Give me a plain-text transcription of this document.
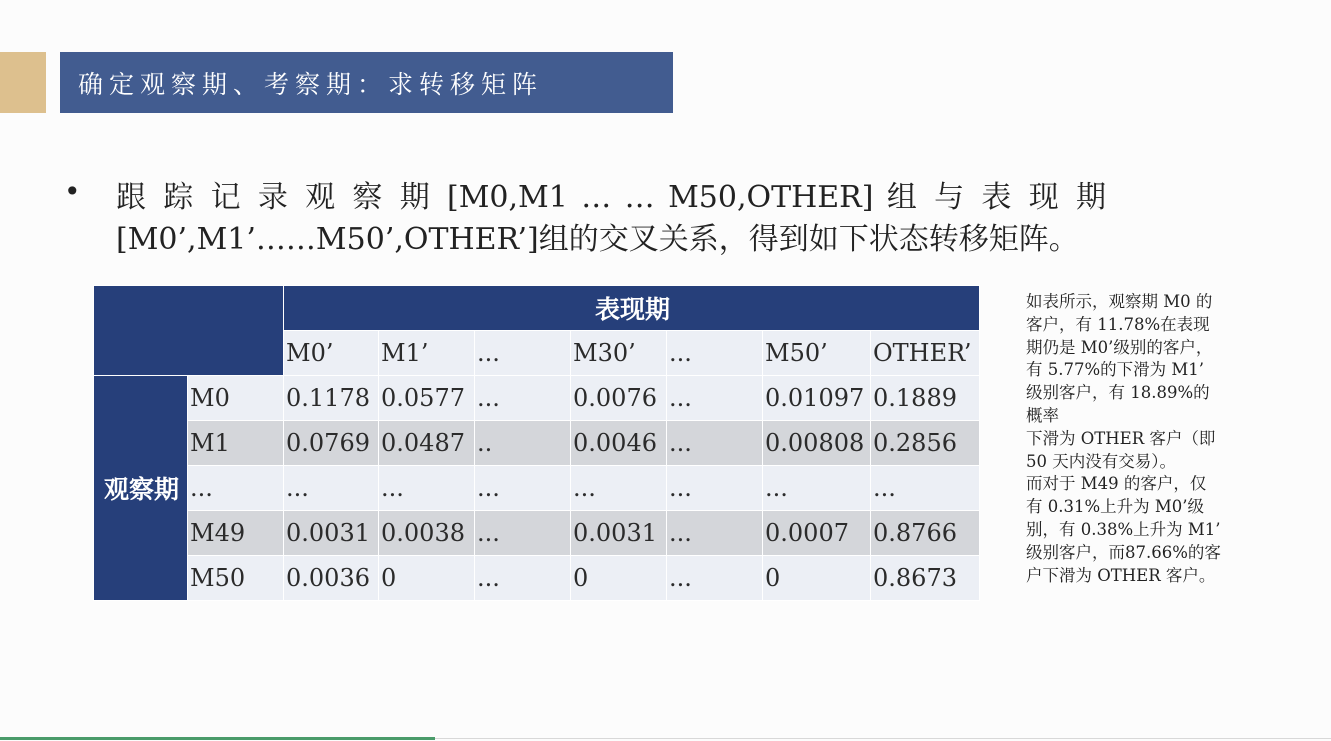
确定观察期、考察期：求转移矩阵
• 跟 踪 记 录 观 察 期 [M0,M1 … … M50,OTHER] 组 与 表 现 期
[M0’,M1’……M50’,OTHER’]组的交叉关系，得到如下状态转移矩阵。
		表现期						
		M0’	M1’	...	M30’	...	M50’	OTHER’
观察期	M0	0.1178	0.0577	...	0.0076	...	0.01097	0.1889
	M1	0.0769	0.0487	..	0.0046	...	0.00808	0.2856
	...	...	...	...	...	...	...	...
	M49	0.0031	0.0038	...	0.0031	...	0.0007	0.8766
	M50	0.0036	0	...	0	...	0	0.8673
如表所示，观察期 M0 的
客户，有 11.78%在表现
期仍是 M0’级别的客户，
有 5.77%的下滑为 M1’
级别客户，有 18.89%的
概率
下滑为 OTHER 客户（即
50 天内没有交易）。
而对于 M49 的客户，仅
有 0.31%上升为 M0’级
别，有 0.38%上升为 M1’
级别客户，而87.66%的客
户下滑为 OTHER 客户。
